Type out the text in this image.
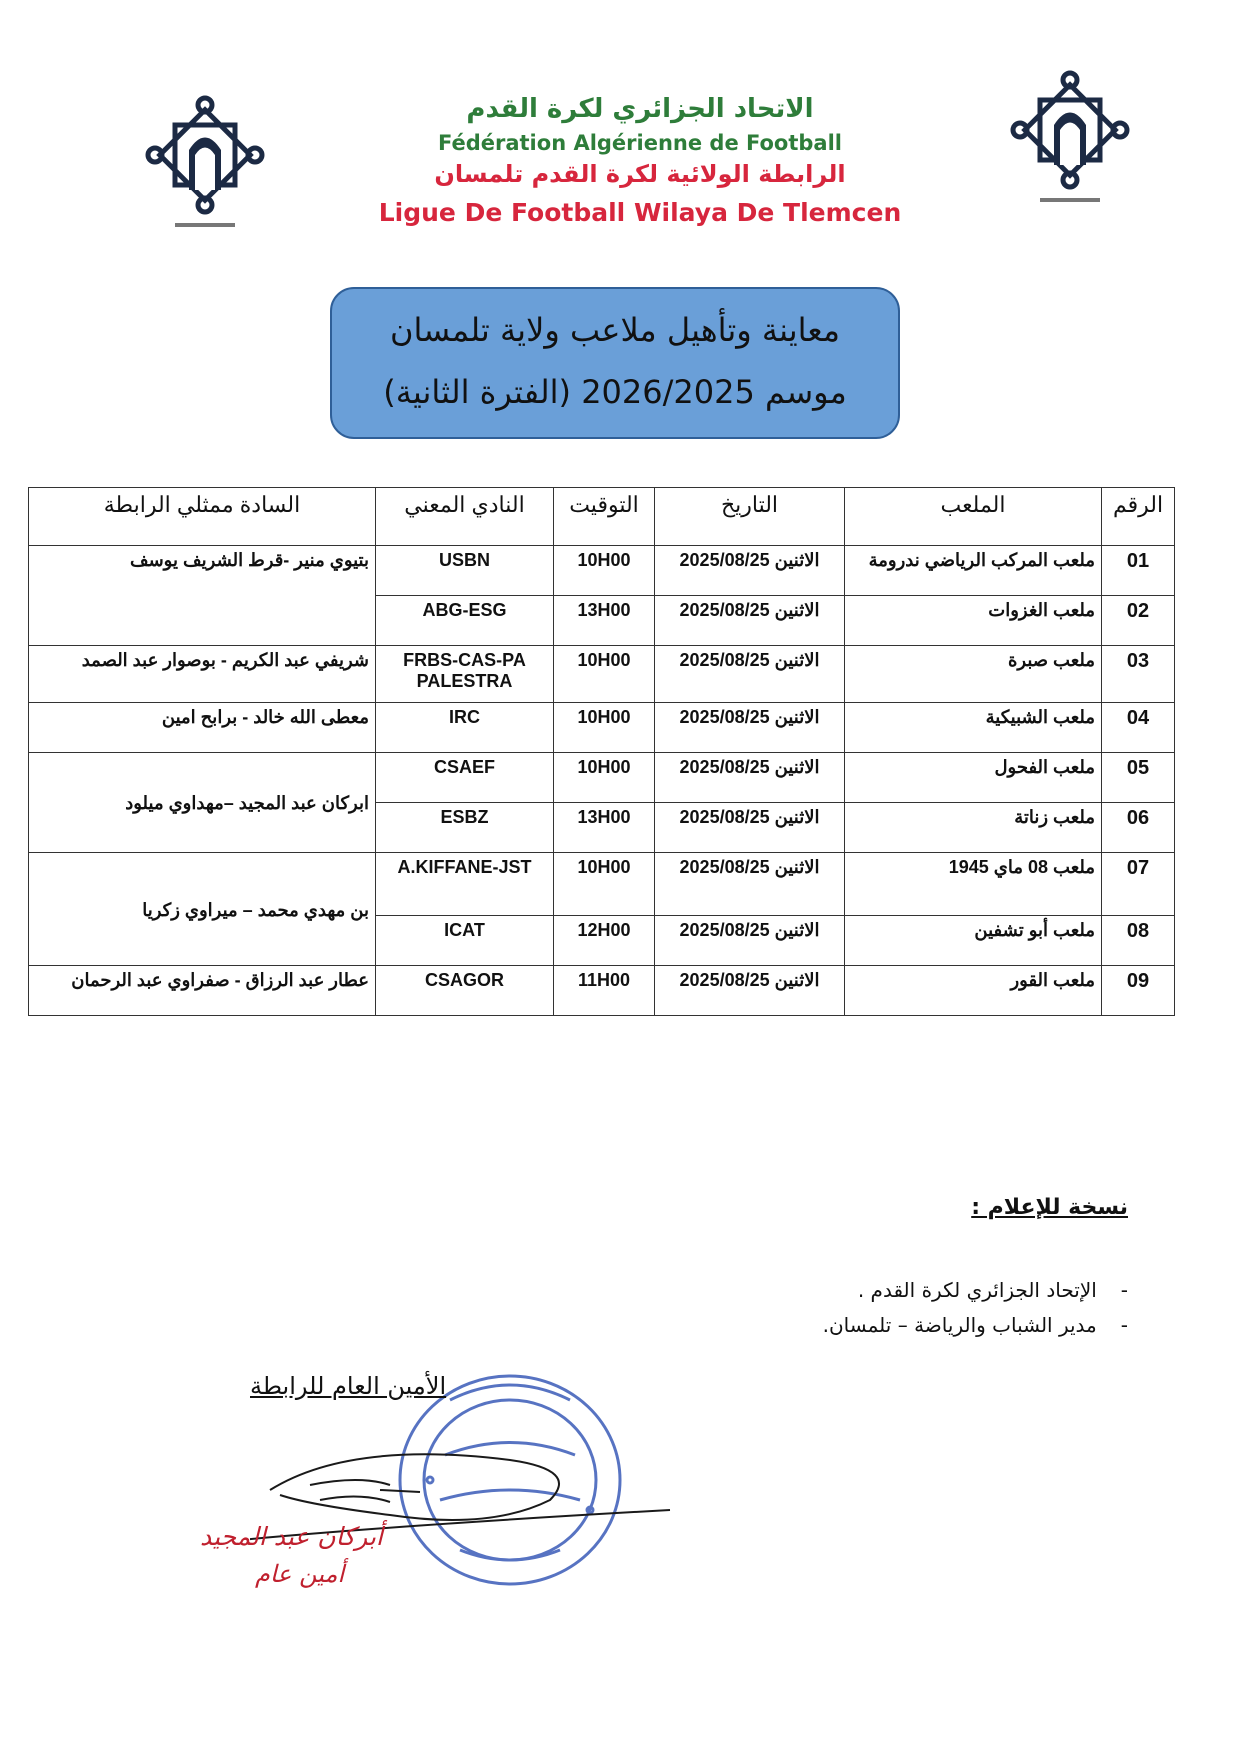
الاتحاد الجزائري لكرة القدم
Fédération Algérienne de Football
الرابطة الولائية لكرة القدم تلمسان
Ligue De Football Wilaya De Tlemcen
معاينة وتأهيل ملاعب ولاية تلمسان
موسم 2026/2025 (الفترة الثانية)
الرقم	الملعب	التاريخ	التوقيت	النادي المعني	السادة ممثلي الرابطة
01	ملعب المركب الرياضي ندرومة	الاثنين 2025/08/25	10H00	USBN	بتيوي منير -قرط الشريف يوسف
02	ملعب الغزوات	الاثنين 2025/08/25	13H00	ABG-ESG	
03	ملعب صبرة	الاثنين 2025/08/25	10H00	FRBS-CAS-PA PALESTRA	شريفي عبد الكريم - بوصوار عبد الصمد
04	ملعب الشبيكية	الاثنين 2025/08/25	10H00	IRC	معطى الله خالد - برابح امين
05	ملعب الفحول	الاثنين 2025/08/25	10H00	CSAEF	ابركان عبد المجيد –مهداوي ميلود
06	ملعب زناتة	الاثنين 2025/08/25	13H00	ESBZ	
07	ملعب 08 ماي 1945	الاثنين 2025/08/25	10H00	A.KIFFANE-JST	بن مهدي محمد – ميراوي زكريا
08	ملعب أبو تشفين	الاثنين 2025/08/25	12H00	ICAT	
09	ملعب القور	الاثنين 2025/08/25	11H00	CSAGOR	عطار عبد الرزاق - صفراوي عبد الرحمان
نسخة للإعلام :
-الإتحاد الجزائري لكرة القدم .
-مدير الشباب والرياضة – تلمسان.
الأمين العام للرابطة
أبركان عبد المجيد
أمين عام
